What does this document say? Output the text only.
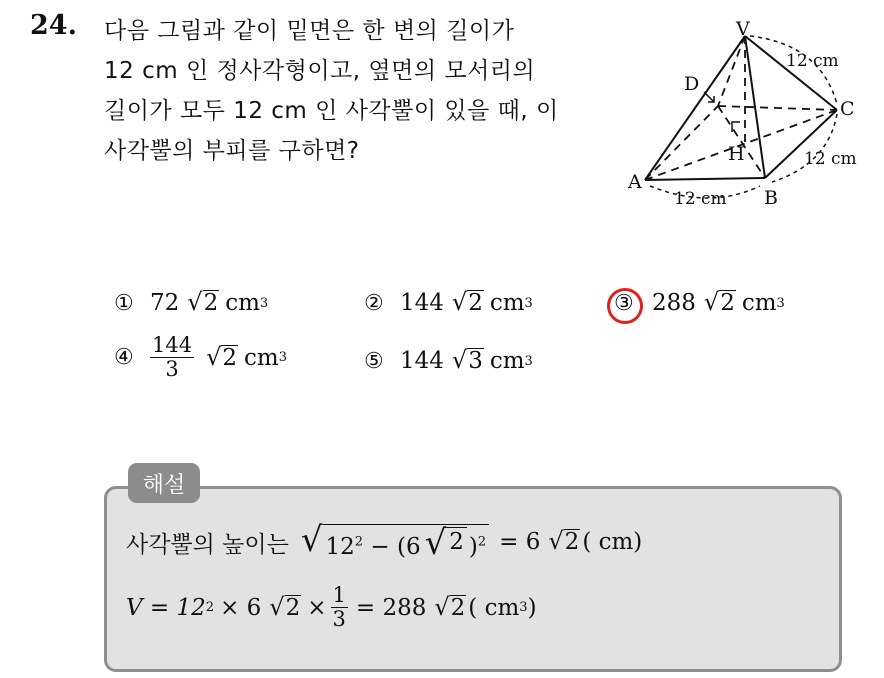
24. 다음 그림과 같이 밑면은 한 변의 길이가
12 cm 인 정사각형이고, 옆면의 모서리의
길이가 모두 12 cm 인 사각뿔이 있을 때, 이
사각뿔의 부피를 구하면?
V
A
B
C
D
H
12 cm
12 cm
12 cm
① 72 √ 2 cm 3	② 144 √ 2 cm 3	③ 288 √ 2 cm 3
④ $\frac{144}{3}$ √ 2 cm 3	⑤ 144 √ 3 cm 3
해설
사각뿔의 높이는 √ $12^2 - (6$ √ 2 )$^2$ = 6 √ 2 ( cm)
V = 12 2 × 6 √ $2 \times \frac{1}{3} = 288$ √ 2 ( cm 3 )
